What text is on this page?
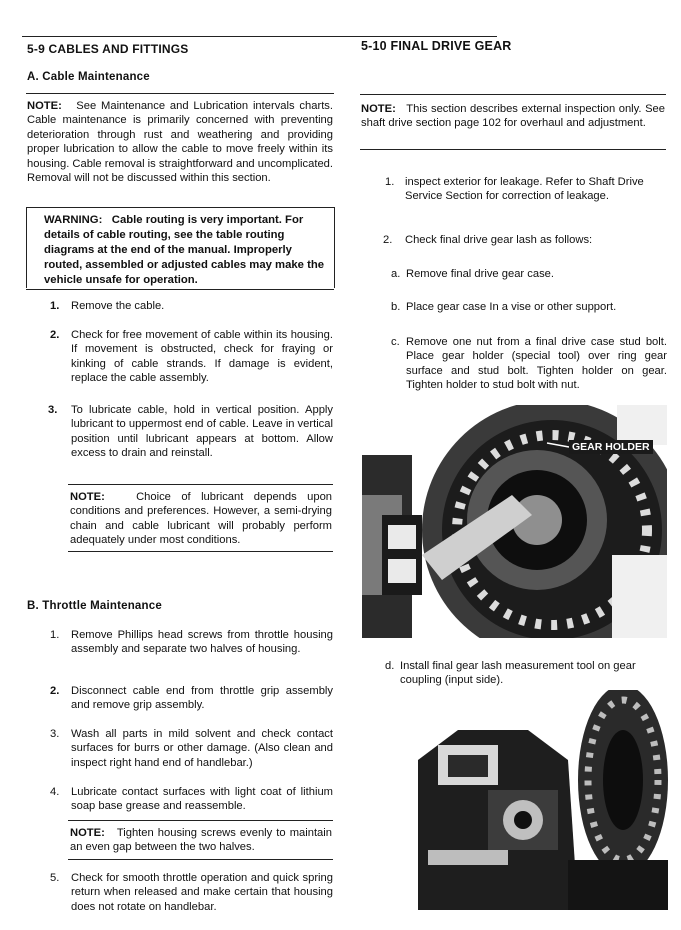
5-9 CABLES AND FITTINGS
A. Cable Maintenance
NOTE: See Maintenance and Lubrication intervals charts. Cable maintenance is primarily concerned with preventing deterioration through rust and weathering and providing proper lubrication to allow the cable to move freely within its housing. Cable removal is straightforward and uncomplicated. Removal will not be discussed within this section.
WARNING: Cable routing is very important. For details of cable routing, see the table routing diagrams at the end of the manual. Improperly routed, assembled or adjusted cables may make the vehicle unsafe for operation.
1. Remove the cable.
2. Check for free movement of cable within its housing. If movement is obstructed, check for fraying or kinking of cable strands. If damage is evident, replace the cable assembly.
3. To lubricate cable, hold in vertical position. Apply lubricant to uppermost end of cable. Leave in vertical position until lubricant appears at bottom. Allow excess to drain and reinstall.
NOTE:	Choice of lubricant depends upon conditions and preferences. However, a semi-drying chain and cable lubricant will probably perform adequately under most conditions.
B. Throttle Maintenance
1. Remove Phillips head screws from throttle housing assembly and separate two halves of housing.
2. Disconnect cable end from throttle grip assembly and remove grip assembly.
3. Wash all parts in mild solvent and check contact surfaces for burrs or other damage. (Also clean and inspect right hand end of handlebar.)
4. Lubricate contact surfaces with light coat of lithium soap base grease and reassemble.
NOTE: Tighten housing screws evenly to maintain an even gap between the two halves.
5. Check for smooth throttle operation and quick spring return when released and make certain that housing does not rotate on handlebar.
5-10 FINAL DRIVE GEAR
NOTE: This section describes external inspection only. See shaft drive section page 102 for overhaul and adjustment.
1. inspect exterior for leakage. Refer to Shaft Drive Service Section for correction of leakage.
2. Check final drive gear lash as follows:
a. Remove final drive gear case.
b. Place gear case In a vise or other support.
c. Remove one nut from a final drive case stud bolt. Place gear holder (special tool) over ring gear surface and stud bolt. Tighten holder on gear. Tighten holder to stud bolt with nut.
GEAR HOLDER
d. Install final gear lash measurement tool on gear coupling (input side).
